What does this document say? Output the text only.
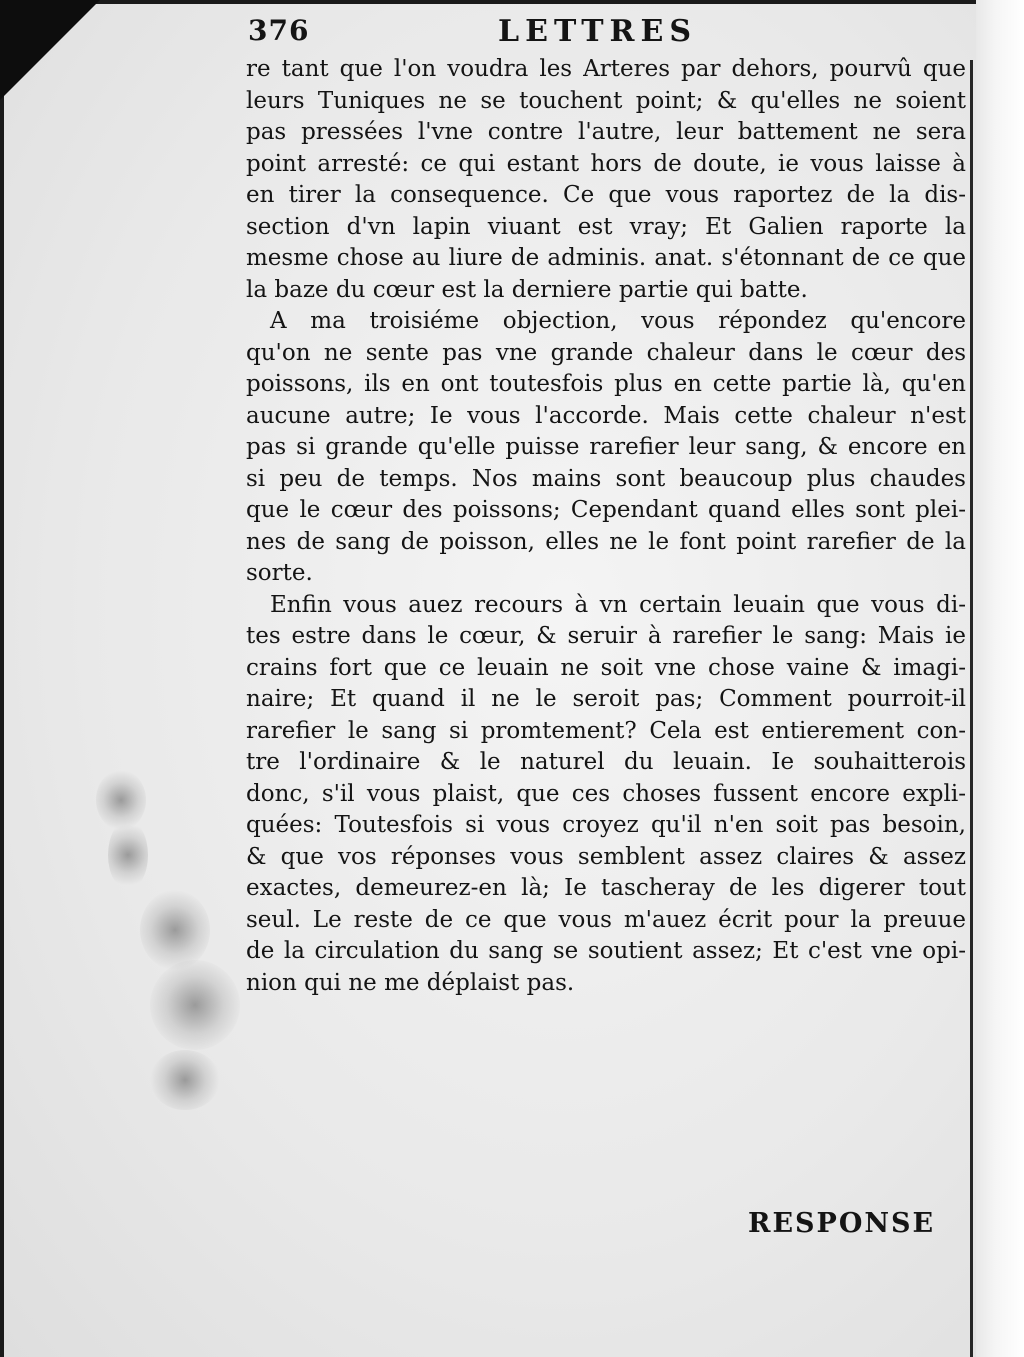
376	LETTRES
re tant que l'on voudra les Arteres par dehors, pourvû que
leurs Tuniques ne se touchent point; & qu'elles ne soient
pas pressées l'vne contre l'autre, leur battement ne sera
point arresté: ce qui estant hors de doute, ie vous laisse à
en tirer la consequence. Ce que vous raportez de la dis-
section d'vn lapin viuant est vray; Et Galien raporte la
mesme chose au liure de adminis. anat. s'étonnant de ce que
la baze du cœur est la derniere partie qui batte.
A ma troisiéme objection, vous répondez qu'encore
qu'on ne sente pas vne grande chaleur dans le cœur des
poissons, ils en ont toutesfois plus en cette partie là, qu'en
aucune autre; Ie vous l'accorde. Mais cette chaleur n'est
pas si grande qu'elle puisse rarefier leur sang, & encore en
si peu de temps. Nos mains sont beaucoup plus chaudes
que le cœur des poissons; Cependant quand elles sont plei-
nes de sang de poisson, elles ne le font point rarefier de la
sorte.
Enfin vous auez recours à vn certain leuain que vous di-
tes estre dans le cœur, & seruir à rarefier le sang: Mais ie
crains fort que ce leuain ne soit vne chose vaine & imagi-
naire; Et quand il ne le seroit pas; Comment pourroit-il
rarefier le sang si promtement? Cela est entierement con-
tre l'ordinaire & le naturel du leuain. Ie souhaitterois
donc, s'il vous plaist, que ces choses fussent encore expli-
quées: Toutesfois si vous croyez qu'il n'en soit pas besoin,
& que vos réponses vous semblent assez claires & assez
exactes, demeurez-en là; Ie tascheray de les digerer tout
seul. Le reste de ce que vous m'auez écrit pour la preuue
de la circulation du sang se soutient assez; Et c'est vne opi-
nion qui ne me déplaist pas.
RESPONSE
